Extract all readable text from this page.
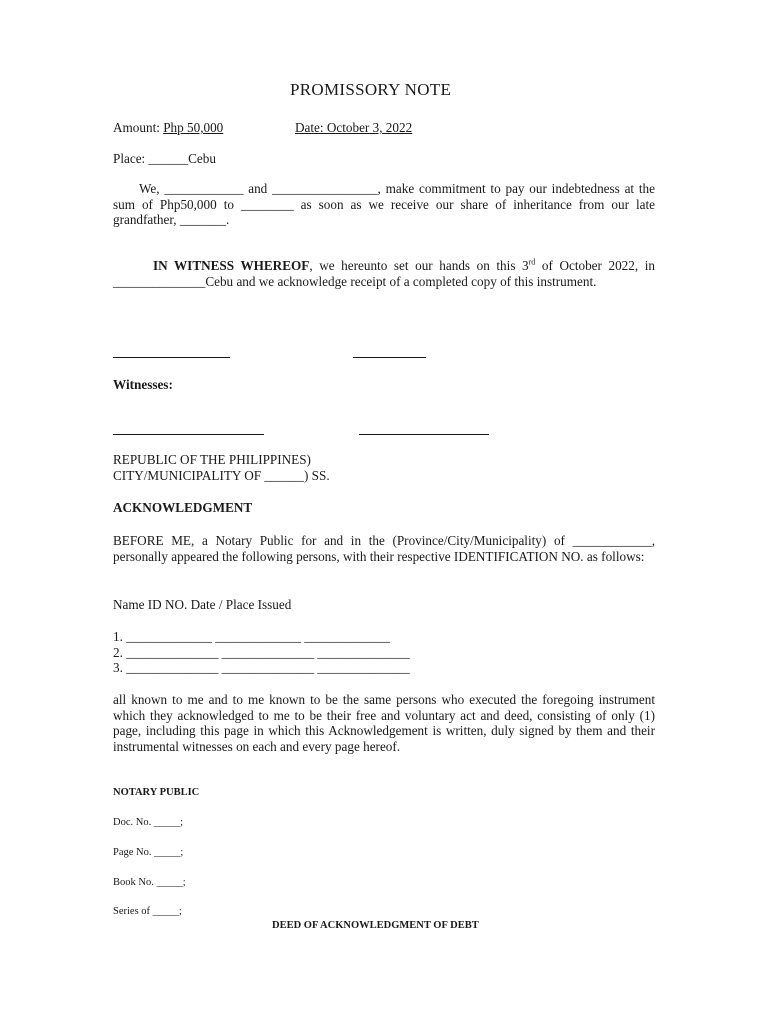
PROMISSORY NOTE
Amount: Php 50,000	Date: October 3, 2022
Place: ______Cebu
We, ____________ and ________________, make commitment to pay our indebtedness at the sum of Php50,000 to ________ as soon as we receive our share of inheritance from our late grandfather, _______.
IN WITNESS WHEREOF, we hereunto set our hands on this 3rd of October 2022, in ______________Cebu and we acknowledge receipt of a completed copy of this instrument.
Witnesses:
REPUBLIC OF THE PHILIPPINES)
CITY/MUNICIPALITY OF ______) SS.
ACKNOWLEDGMENT
BEFORE ME, a Notary Public for and in the (Province/City/Municipality) of ____________, personally appeared the following persons, with their respective IDENTIFICATION NO. as follows:
Name ID NO. Date / Place Issued
1. _____________ _____________ _____________
2. ______________ ______________ ______________
3. ______________ ______________ ______________
all known to me and to me known to be the same persons who executed the foregoing instrument which they acknowledged to me to be their free and voluntary act and deed, consisting of only (1) page, including this page in which this Acknowledgement is written, duly signed by them and their instrumental witnesses on each and every page hereof.
NOTARY PUBLIC
Doc. No. _____;
Page No. _____;
Book No. _____;
Series of _____;
DEED OF ACKNOWLEDGMENT OF DEBT
